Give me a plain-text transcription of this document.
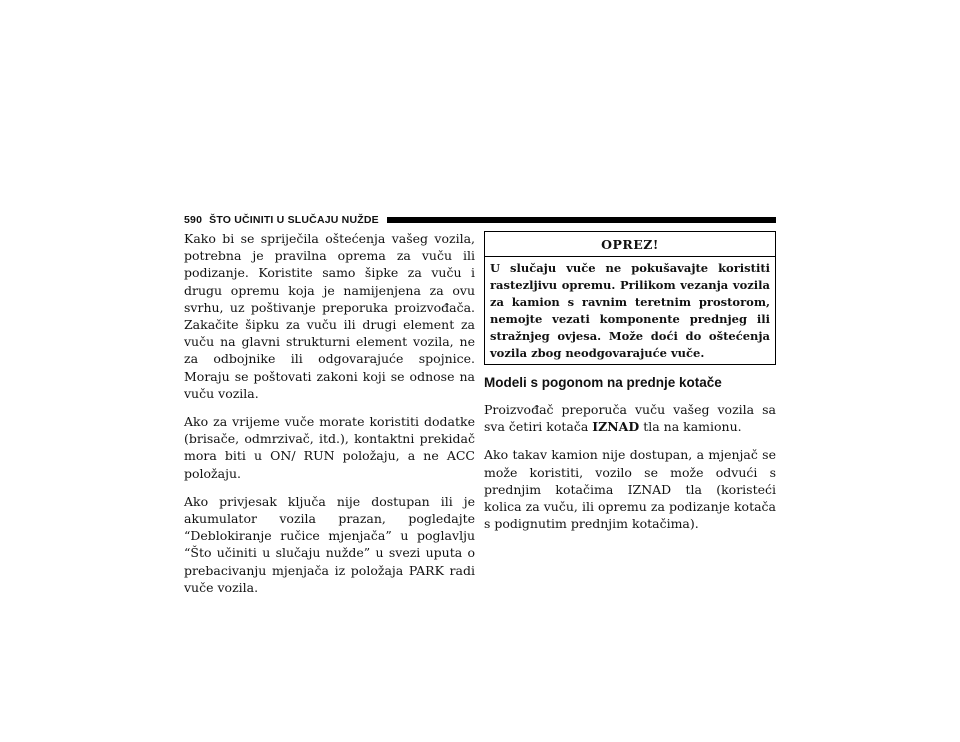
590 ŠTO UČINITI U SLUČAJU NUŽDE

Kako bi se spriječila oštećenja vašeg vozila, potrebna je pravilna oprema za vuču ili podizanje. Koristite samo šipke za vuču i drugu opremu koja je namijenjena za ovu svrhu, uz poštivanje preporuka proizvođača. Zakačite šipku za vuču ili drugi element za vuču na glavni strukturni element vozila, ne za odbojnike ili odgovarajuće spojnice. Moraju se poštovati zakoni koji se odnose na vuču vozila.

Ako za vrijeme vuče morate koristiti dodatke (brisače, odmrzivač, itd.), kontaktni prekidač mora biti u ON/ RUN položaju, a ne ACC položaju.

Ako privjesak ključa nije dostupan ili je akumulator vozila prazan, pogledajte “Deblokiranje ručice mjenjača” u poglavlju “Što učiniti u slučaju nužde” u svezi uputa o prebacivanju mjenjača iz položaja PARK radi vuče vozila.

OPREZ!
U slučaju vuče ne pokušavajte koristiti rastezljivu opremu. Prilikom vezanja vozila za kamion s ravnim teretnim prostorom, nemojte vezati komponente prednjeg ili stražnjeg ovjesa. Može doći do oštećenja vozila zbog neodgovarajuće vuče.
Modeli s pogonom na prednje kotače

Proizvođač preporuča vuču vašeg vozila sa sva četiri kotača IZNAD tla na kamionu.

Ako takav kamion nije dostupan, a mjenjač se može koristiti, vozilo se može odvući s prednjim kotačima IZNAD tla (koristeći kolica za vuču, ili opremu za podizanje kotača s podignutim prednjim kotačima).
